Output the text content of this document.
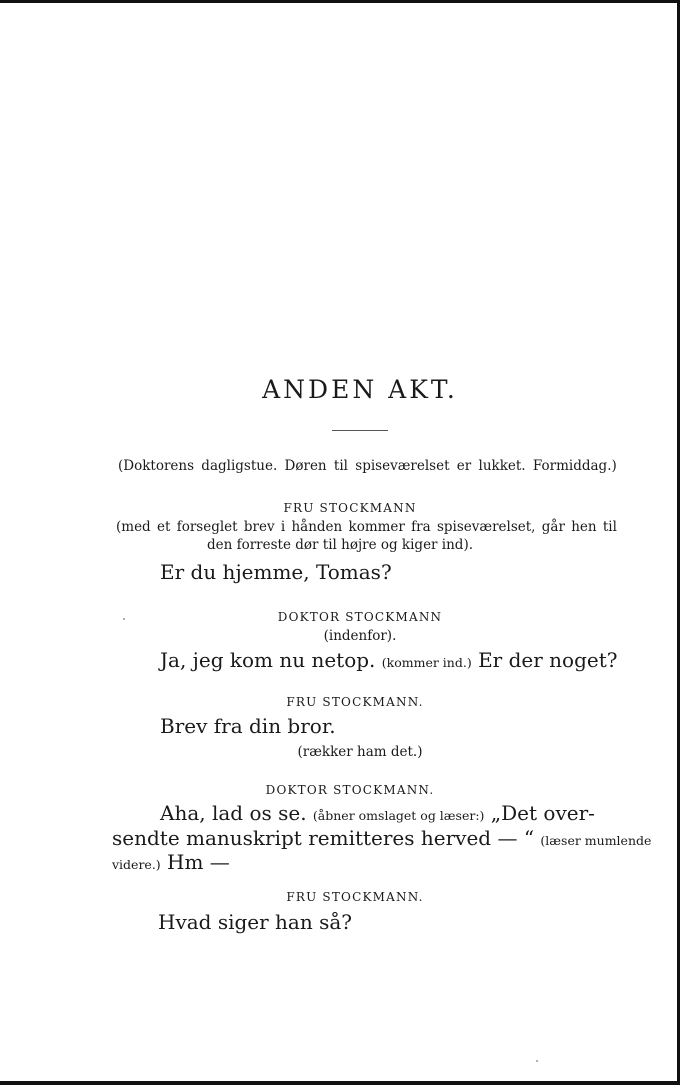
ANDEN AKT.
(Doktorens dagligstue. Døren til spiseværelset er lukket. Formiddag.)
FRU STOCKMANN
(med et forseglet brev i hånden kommer fra spiseværelset, går hen til
den forreste dør til højre og kiger ind).
Er du hjemme, Tomas?
DOKTOR STOCKMANN
(indenfor).
Ja, jeg kom nu netop. (kommer ind.) Er der noget?
FRU STOCKMANN.
Brev fra din bror.
(rækker ham det.)
DOKTOR STOCKMANN.
Aha, lad os se. (åbner omslaget og læser:) „Det over-
sendte manuskript remitteres herved — “ (læser mumlende
videre.) Hm —
FRU STOCKMANN.
Hvad siger han så?
